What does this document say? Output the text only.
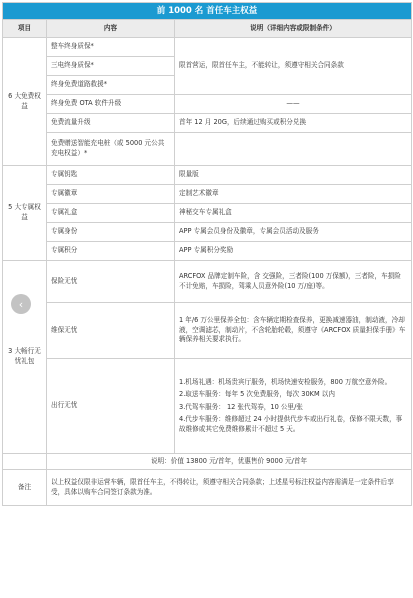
前 1000 名 首任车主权益		
项目	内容	说明（详细内容或限制条件）
6 大免费权益	整车终身质保*	限首营运，限首任车主，不能转让，须遵守相关合同条款
	三电终身质保*	
	终身免费道路救援*	
	终身免费 OTA 软件升级	——
	免费流量升级	首年 12 月 20G，后续通过购买或积分兑换
	免费赠送智能充电桩（或 5000 元公共充电权益）*	
5 大专属权益	专属钥匙	限量版
	专属徽章	定制艺术徽章
	专属礼盒	神秘交车专属礼盒
	专属身份	APP 专属会员身份及徽章，专属会员活动及服务
	专属积分	APP 专属积分奖励
3 大畅行无忧礼包	保险无忧	ARCFOX 品牌定制车险，含 交强险，三者险(100 万保额)，三者险，车损险不计免赔，车损险，驾乘人员意外险(10 万/座)等。
	维保无忧	1 年/6 万公里保养全包：含车辆定期检查保养，更换减速器油，制动液，冷却液，空调滤芯，制动片，不含轮胎轮毂，须遵守《ARCFOX 质量担保手册》车辆保养相关要求执行。
	出行无忧	1.机场礼遇：机场贵宾厅服务，机场快速安检服务，800 万航空意外险。
2.取送车服务：每年 5 次免费服务，每次 30KM 以内
3.代驾车服务： 12 张代驾券，10 公里/张
4.代步车服务：维修超过 24 小时提供代步车或出行礼卷，保修不限天数，事故维修或其它免费维修累计不超过 5 天。

	说明：价值 13800 元/首年，优惠售价 9000 元/首年	
备注	以上权益仅限非运营车辆，限首任车主，不得转让，须遵守相关合同条款；上述星号标注权益内容需满足一定条件后享受，具体以购车合同签订条款为准。	
‹
